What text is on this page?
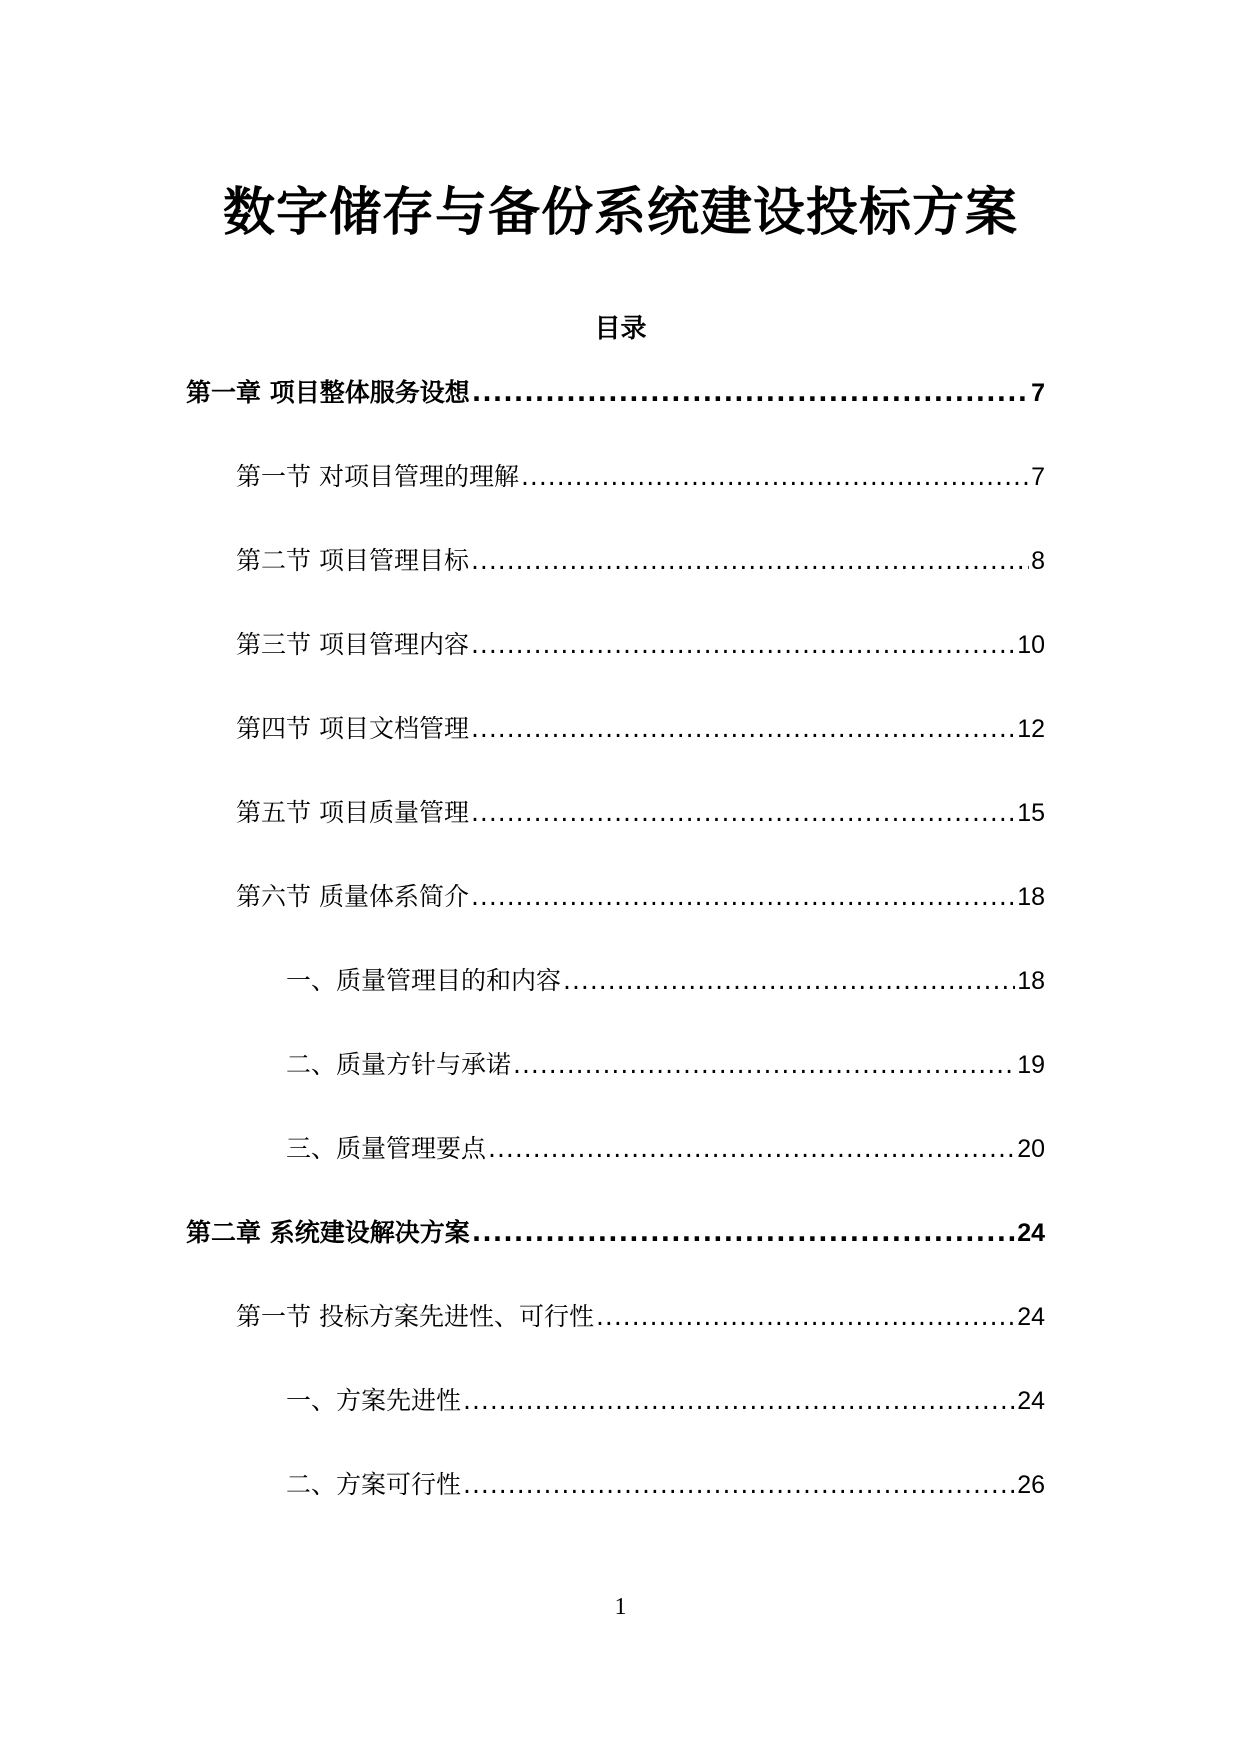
数字储存与备份系统建设投标方案
目录
第一章 项目整体服务设想 .....	7
第一节 对项目管理的理解 .....	7
第二节 项目管理目标 .....	8
第三节 项目管理内容 .....	10
第四节 项目文档管理 .....	12
第五节 项目质量管理 .....	15
第六节 质量体系简介 .....	18
一、质量管理目的和内容 .....	18
二、质量方针与承诺 .....	19
三、质量管理要点 .....	20
第二章 系统建设解决方案 .....	24
第一节 投标方案先进性、可行性 .....	24
一、方案先进性 .....	24
二、方案可行性 .....	26
1
